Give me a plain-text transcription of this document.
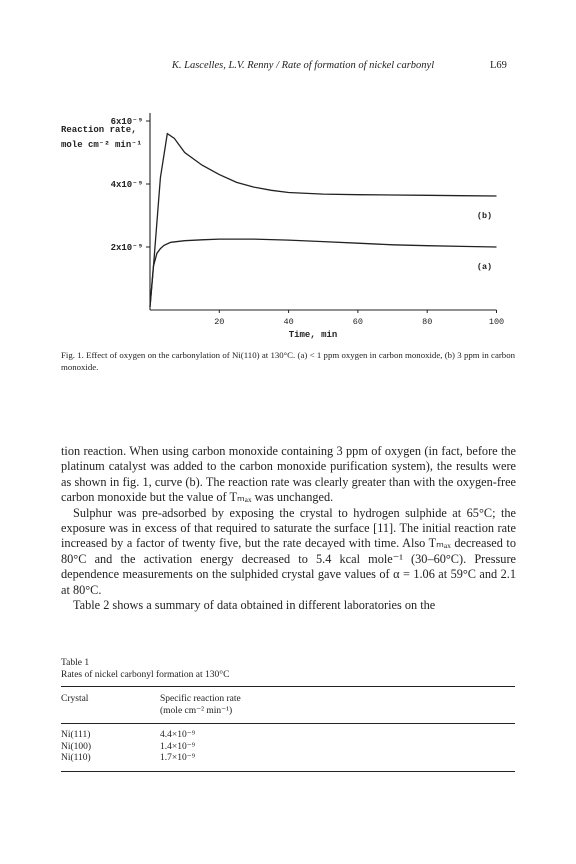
K. Lascelles, L.V. Renny / Rate of formation of nickel carbonyl	L69
Reaction rate,
mole cm⁻² min⁻¹
2x10⁻⁹
4x10⁻⁹
6x10⁻⁹
20	40	60	80	100
(b)
(a)
Time, min
Fig. 1. Effect of oxygen on the carbonylation of Ni(110) at 130°C. (a) < 1 ppm oxygen in carbon monoxide, (b) 3 ppm in carbon monoxide.

tion reaction. When using carbon monoxide containing 3 ppm of oxygen (in fact, before the platinum catalyst was added to the carbon monoxide purification system), the results were as shown in fig. 1, curve (b). The reaction rate was clearly greater than with the oxygen-free carbon monoxide but the value of Tₘₐₓ was unchanged.

Sulphur was pre-adsorbed by exposing the crystal to hydrogen sulphide at 65°C; the exposure was in excess of that required to saturate the surface [11]. The initial reaction rate increased by a factor of twenty five, but the rate decayed with time. Also Tₘₐₓ decreased to 80°C and the activation energy decreased to 5.4 kcal mole⁻¹ (30–60°C). Pressure dependence measurements on the sulphided crystal gave values of α = 1.06 at 59°C and 2.1 at 80°C.

Table 2 shows a summary of data obtained in different laboratories on the

Table 1
Rates of nickel carbonyl formation at 130°C
Crystal	Specific reaction rate
(mole cm⁻² min⁻¹)
Ni(111)	4.4×10⁻⁹
Ni(100)	1.4×10⁻⁹
Ni(110)	1.7×10⁻⁹
